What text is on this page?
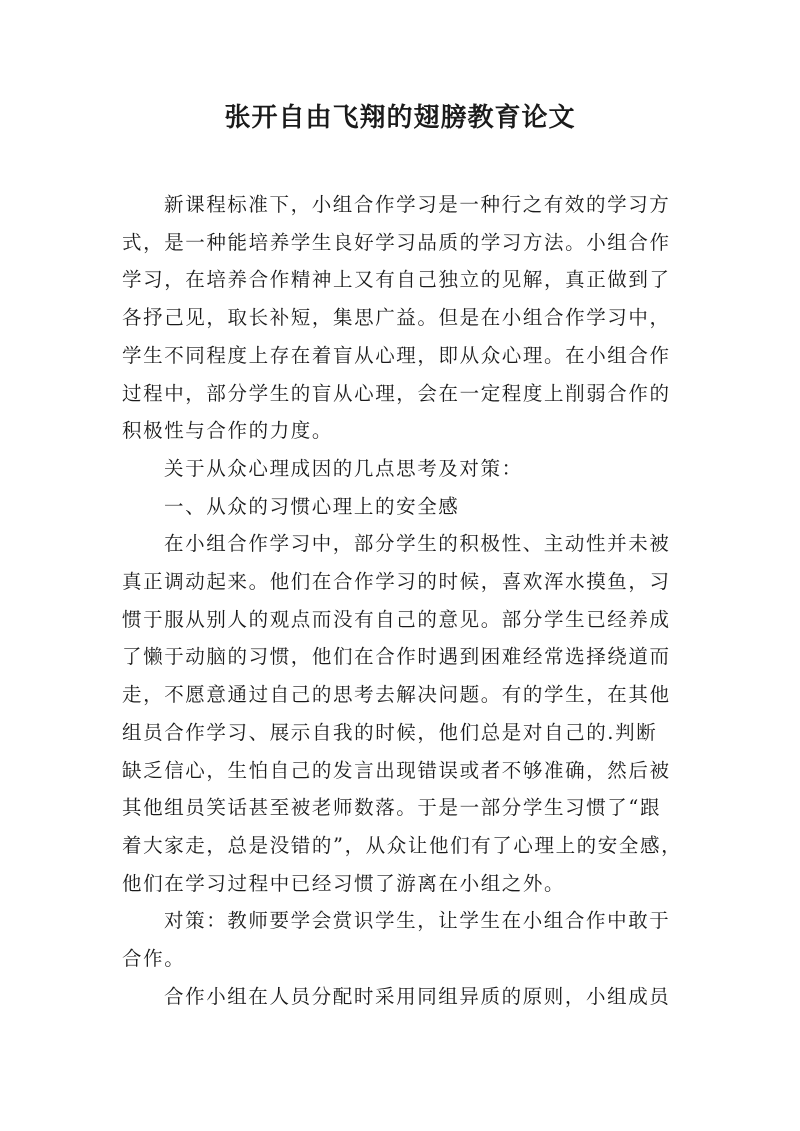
张开自由飞翔的翅膀教育论文
新课程标准下，小组合作学习是一种行之有效的学习方
式，是一种能培养学生良好学习品质的学习方法。小组合作
学习，在培养合作精神上又有自己独立的见解，真正做到了
各抒己见，取长补短，集思广益。但是在小组合作学习中，
学生不同程度上存在着盲从心理，即从众心理。在小组合作
过程中，部分学生的盲从心理，会在一定程度上削弱合作的
积极性与合作的力度。
关于从众心理成因的几点思考及对策：
一、从众的习惯心理上的安全感
在小组合作学习中，部分学生的积极性、主动性并未被
真正调动起来。他们在合作学习的时候，喜欢浑水摸鱼，习
惯于服从别人的观点而没有自己的意见。部分学生已经养成
了懒于动脑的习惯，他们在合作时遇到困难经常选择绕道而
走，不愿意通过自己的思考去解决问题。有的学生，在其他
组员合作学习、展示自我的时候，他们总是对自己的.判断
缺乏信心，生怕自己的发言出现错误或者不够准确，然后被
其他组员笑话甚至被老师数落。于是一部分学生习惯了“跟
着大家走，总是没错的”，从众让他们有了心理上的安全感，
他们在学习过程中已经习惯了游离在小组之外。
对策：教师要学会赏识学生，让学生在小组合作中敢于
合作。
合作小组在人员分配时采用同组异质的原则，小组成员
